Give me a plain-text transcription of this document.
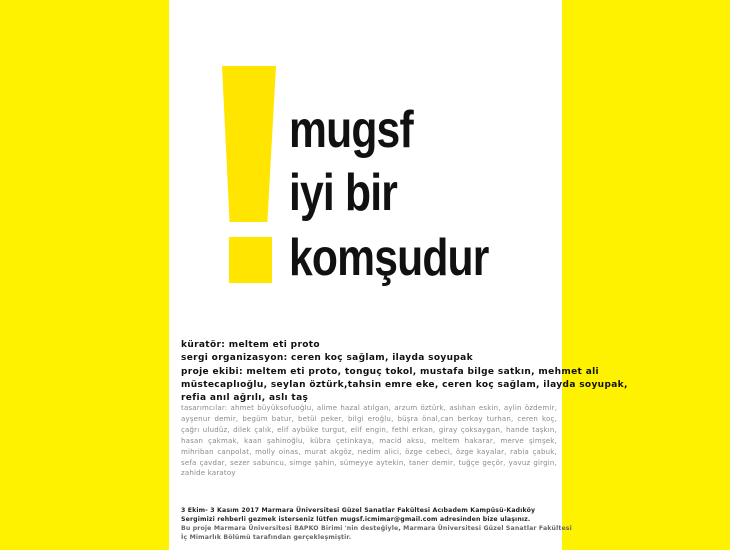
mugsf
iyi bir
komşudur
küratör: meltem eti proto
sergi organizasyon: ceren koç sağlam, ilayda soyupak
proje ekibi: meltem eti proto, tonguç tokol, mustafa bilge satkın, mehmet ali
müstecaplıoğlu, seylan öztürk,tahsin emre eke, ceren koç sağlam, ilayda soyupak,
refia anıl ağrılı, aslı taş
tasarımcılar: ahmet büyüksofuoğlu, alime hazal atılgan, arzum öztürk, aslıhan eskin, aylin özdemir, ayşenur demir, begüm batur, betül peker, bilgi eroğlu, büşra önal,can berkay turhan, ceren koç, çağrı uludüz, dilek çalık, elif aybüke turgut, elif engin, fethi erkan, giray çoksaygan, hande taşkın, hasan çakmak, kaan şahinoğlu, kübra çetinkaya, macid aksu, meltem hakarar, merve şimşek, mihriban canpolat, molly oinas, murat akgöz, nedim alici, özge cebeci, özge kayalar, rabia çabuk, sefa çavdar, sezer sabuncu, simge şahin, sümeyye aytekin, taner demir, tuğçe geçör, yavuz girgin, zahide karatoy
3 Ekim- 3 Kasım 2017 Marmara Üniversitesi Güzel Sanatlar Fakültesi Acıbadem Kampüsü-Kadıköy
Sergimizi rehberli gezmek isterseniz lütfen mugsf.icmimar@gmail.com adresinden bize ulaşınız.
Bu proje Marmara Üniversitesi BAPKO Birimi 'nin desteğiyle, Marmara Üniversitesi Güzel Sanatlar Fakültesi
İç Mimarlık Bölümü tarafından gerçekleşmiştir.
